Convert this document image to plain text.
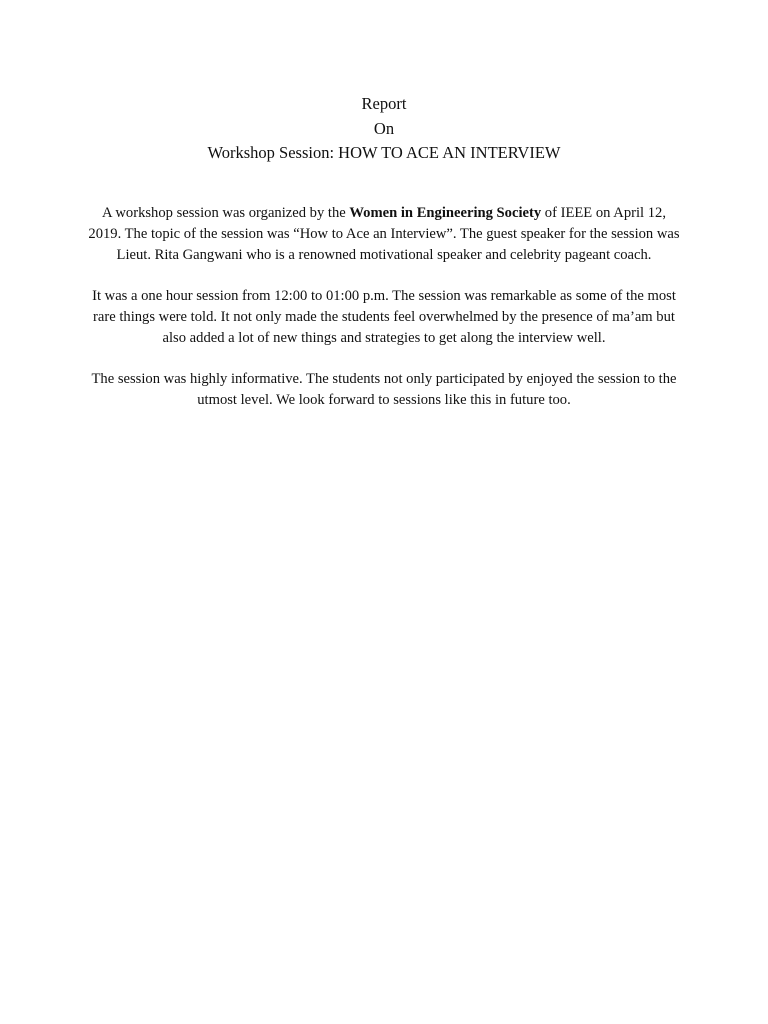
Report
On
Workshop Session: HOW TO ACE AN INTERVIEW

A workshop session was organized by the Women in Engineering Society of IEEE on April 12, 2019. The topic of the session was “How to Ace an Interview”. The guest speaker for the session was Lieut. Rita Gangwani who is a renowned motivational speaker and celebrity pageant coach.

It was a one hour session from 12:00 to 01:00 p.m. The session was remarkable as some of the most rare things were told. It not only made the students feel overwhelmed by the presence of ma’am but also added a lot of new things and strategies to get along the interview well.

The session was highly informative. The students not only participated by enjoyed the session to the utmost level. We look forward to sessions like this in future too.
